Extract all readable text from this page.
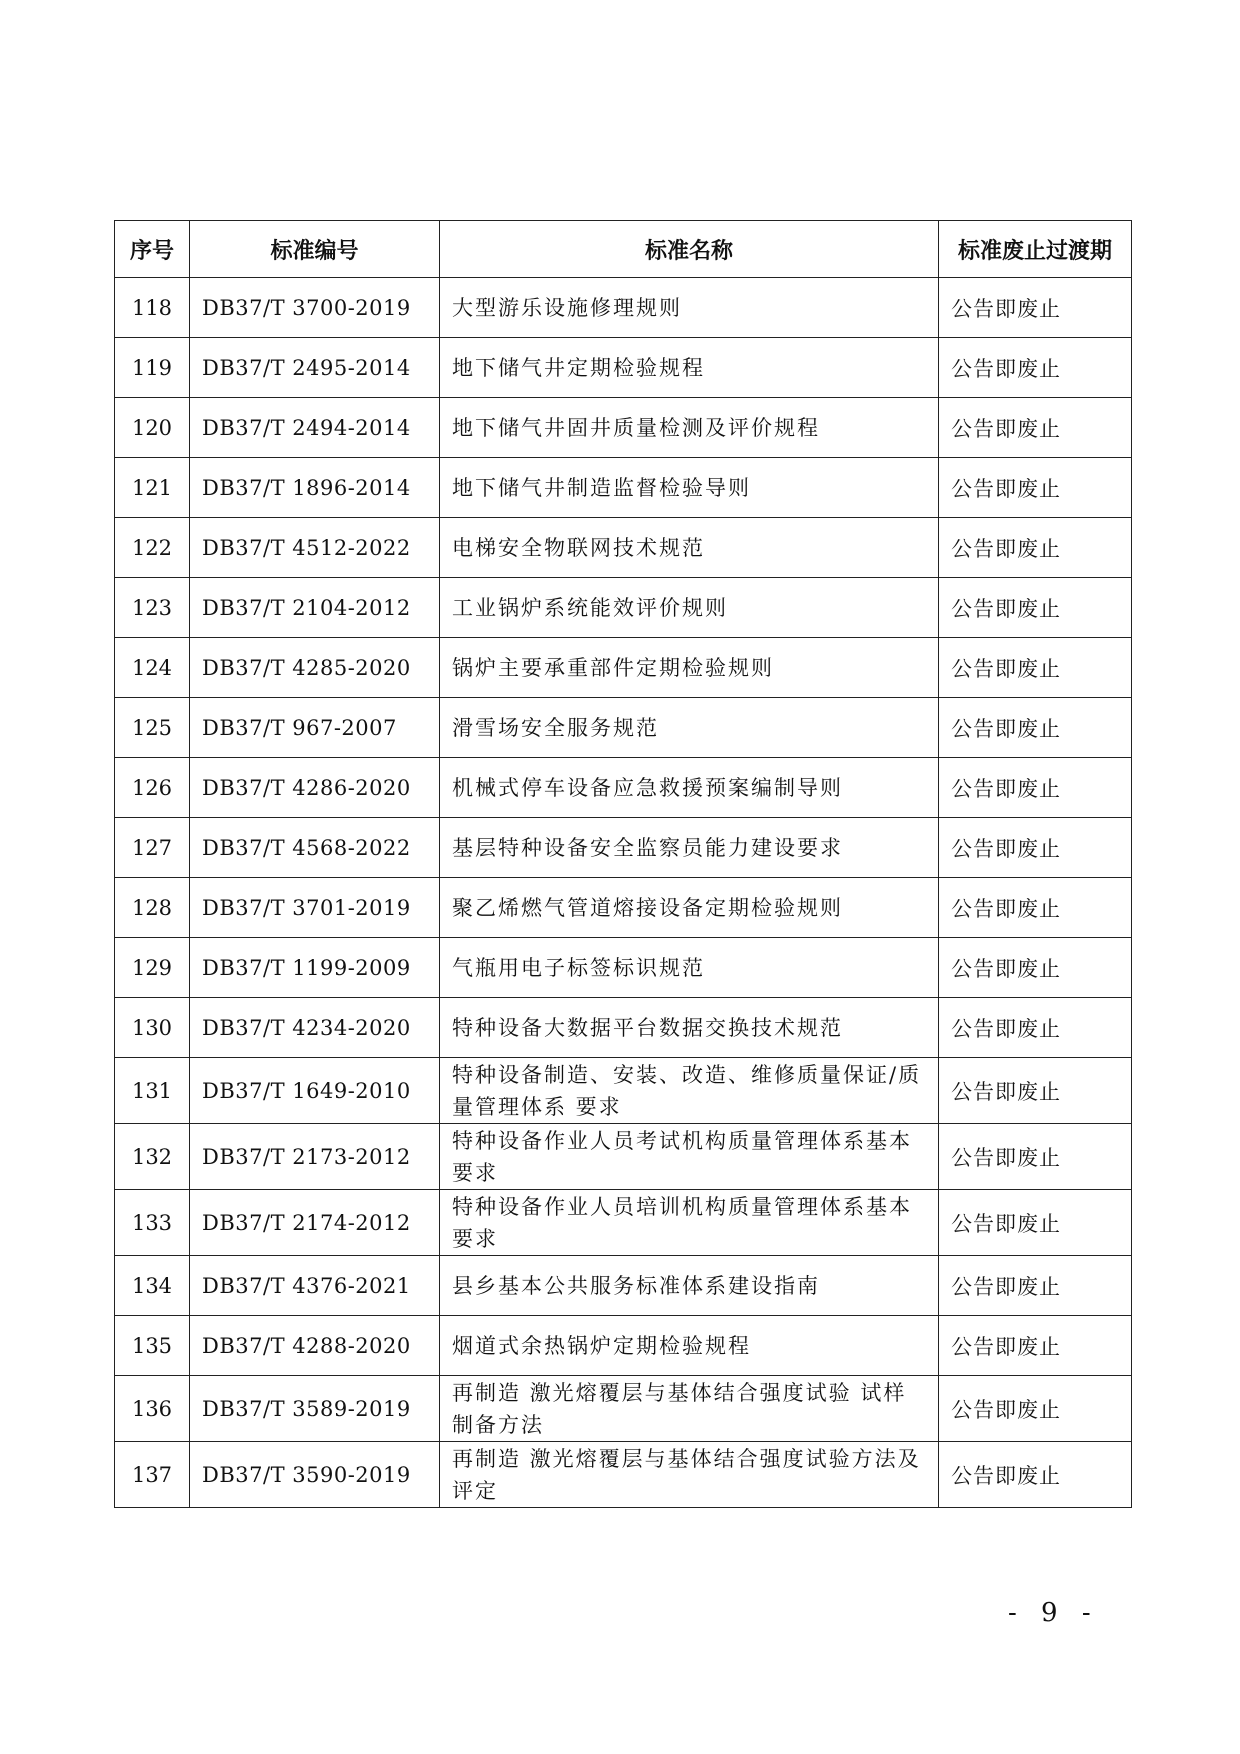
序号	标准编号	标准名称	标准废止过渡期
118	DB37/T 3700-2019	大型游乐设施修理规则	公告即废止
119	DB37/T 2495-2014	地下储气井定期检验规程	公告即废止
120	DB37/T 2494-2014	地下储气井固井质量检测及评价规程	公告即废止
121	DB37/T 1896-2014	地下储气井制造监督检验导则	公告即废止
122	DB37/T 4512-2022	电梯安全物联网技术规范	公告即废止
123	DB37/T 2104-2012	工业锅炉系统能效评价规则	公告即废止
124	DB37/T 4285-2020	锅炉主要承重部件定期检验规则	公告即废止
125	DB37/T 967-2007	滑雪场安全服务规范	公告即废止
126	DB37/T 4286-2020	机械式停车设备应急救援预案编制导则	公告即废止
127	DB37/T 4568-2022	基层特种设备安全监察员能力建设要求	公告即废止
128	DB37/T 3701-2019	聚乙烯燃气管道熔接设备定期检验规则	公告即废止
129	DB37/T 1199-2009	气瓶用电子标签标识规范	公告即废止
130	DB37/T 4234-2020	特种设备大数据平台数据交换技术规范	公告即废止
131	DB37/T 1649-2010	特种设备制造、安装、改造、维修质量保证/质量管理体系 要求	公告即废止
132	DB37/T 2173-2012	特种设备作业人员考试机构质量管理体系基本要求	公告即废止
133	DB37/T 2174-2012	特种设备作业人员培训机构质量管理体系基本要求	公告即废止
134	DB37/T 4376-2021	县乡基本公共服务标准体系建设指南	公告即废止
135	DB37/T 4288-2020	烟道式余热锅炉定期检验规程	公告即废止
136	DB37/T 3589-2019	再制造 激光熔覆层与基体结合强度试验 试样制备方法	公告即废止
137	DB37/T 3590-2019	再制造 激光熔覆层与基体结合强度试验方法及评定	公告即废止
- 9 -
